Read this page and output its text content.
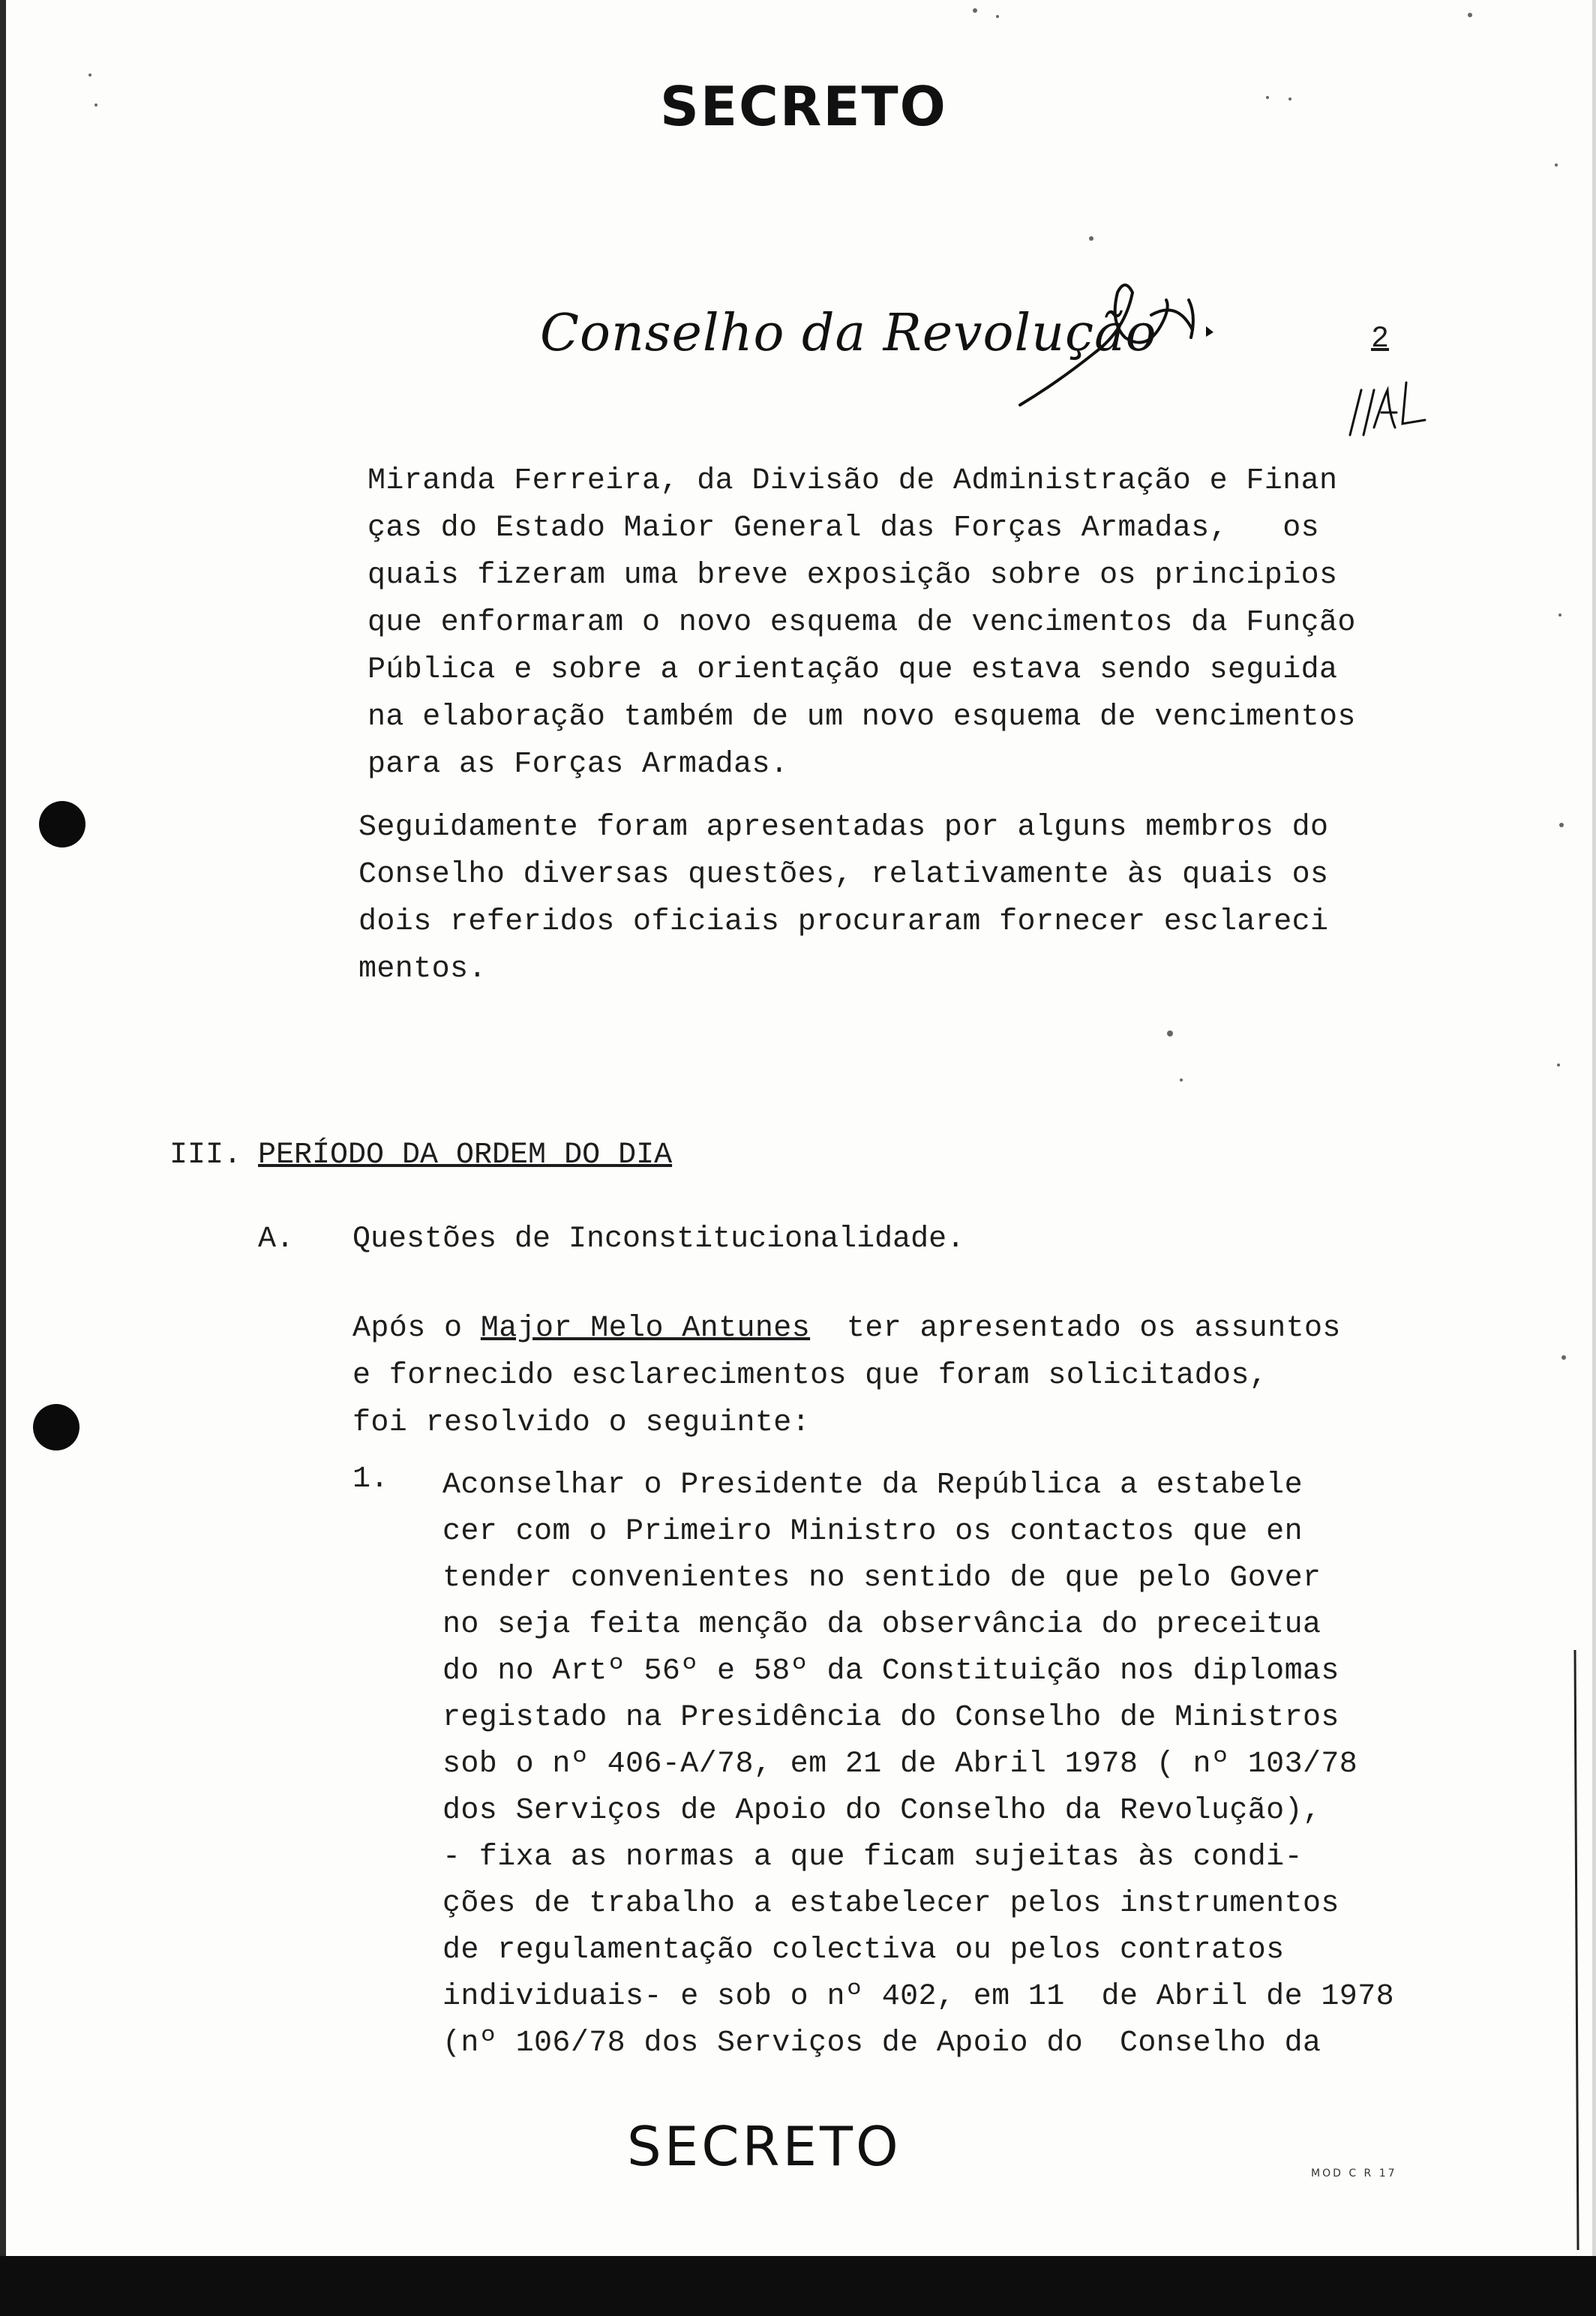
SECRETO
Conselho da Revolução	2
Miranda Ferreira, da Divisão de Administração e Finan
ças do Estado Maior General das Forças Armadas,   os
quais fizeram uma breve exposição sobre os principios
que enformaram o novo esquema de vencimentos da Função
Pública e sobre a orientação que estava sendo seguida
na elaboração também de um novo esquema de vencimentos
para as Forças Armadas.
Seguidamente foram apresentadas por alguns membros do
Conselho diversas questões, relativamente às quais os
dois referidos oficiais procuraram fornecer esclareci
mentos.
III. PERÍODO DA ORDEM DO DIA
A. Questões de Inconstitucionalidade.
Após o Major Melo Antunes  ter apresentado os assuntos
e fornecido esclarecimentos que foram solicitados,
foi resolvido o seguinte:
1. Aconselhar o Presidente da República a estabele
cer com o Primeiro Ministro os contactos que en
tender convenientes no sentido de que pelo Gover
no seja feita menção da observância do preceitua
do no Artº 56º e 58º da Constituição nos diplomas
registado na Presidência do Conselho de Ministros
sob o nº 406-A/78, em 21 de Abril 1978 ( nº 103/78
dos Serviços de Apoio do Conselho da Revolução),
- fixa as normas a que ficam sujeitas às condi-
ções de trabalho a estabelecer pelos instrumentos
de regulamentação colectiva ou pelos contratos
individuais- e sob o nº 402, em 11  de Abril de 1978
(nº 106/78 dos Serviços de Apoio do  Conselho da
SECRETO	MOD C R 17
